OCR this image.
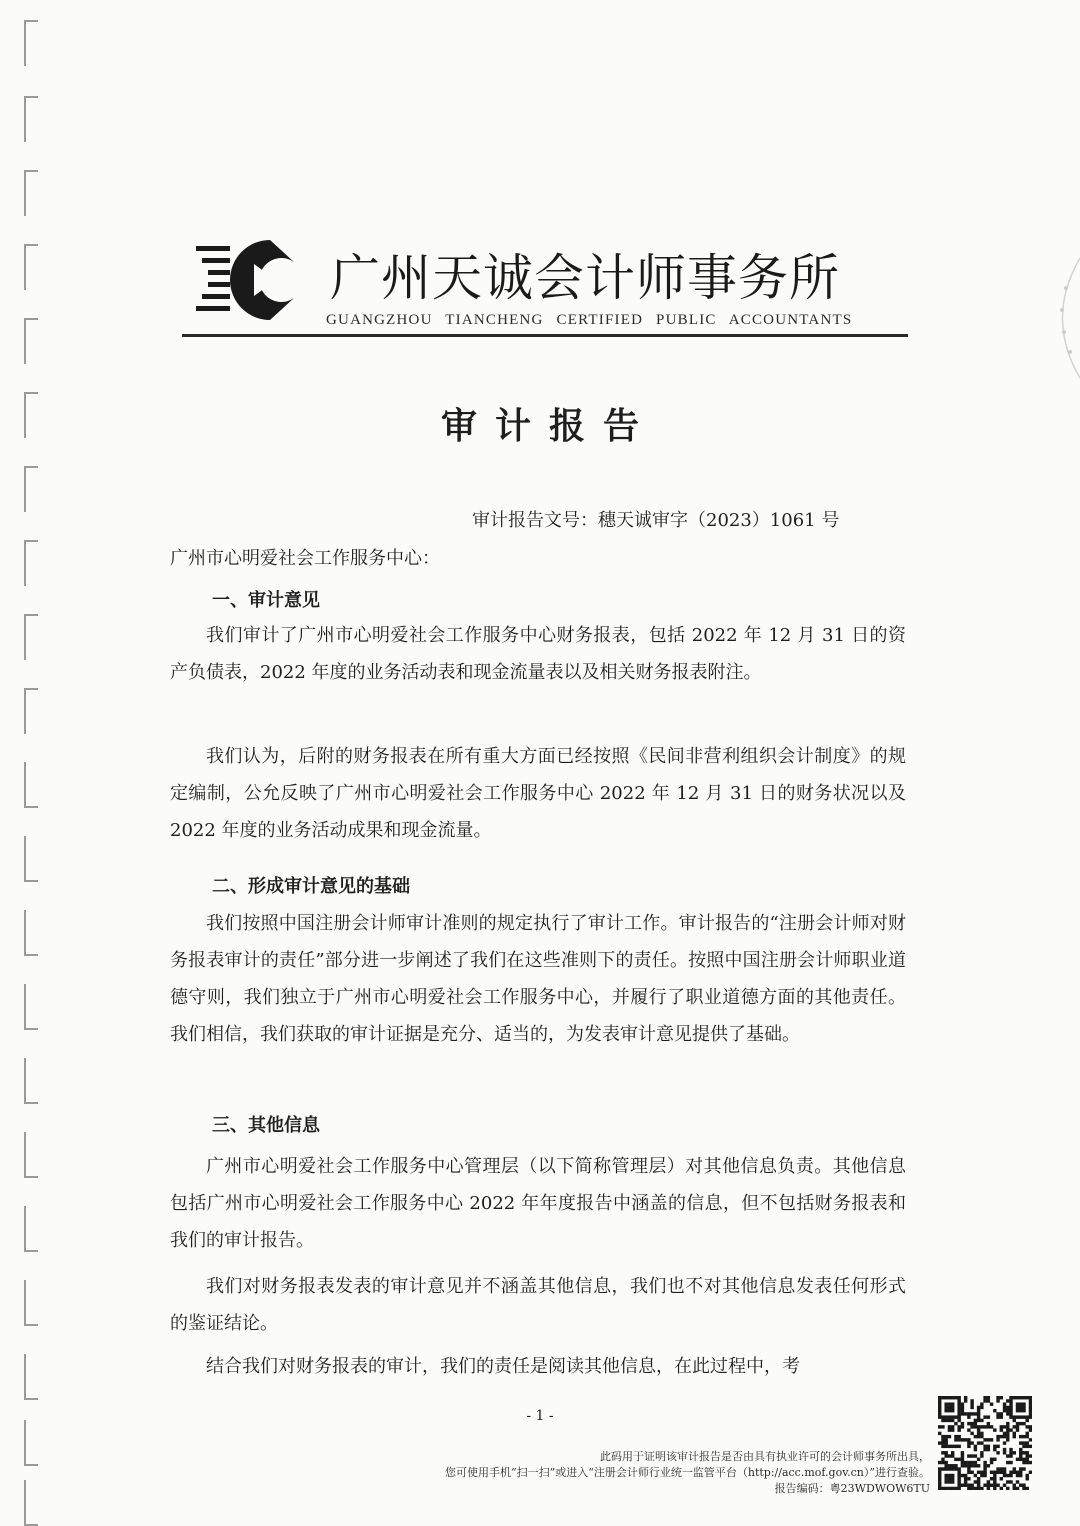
广州天诚会计师事务所
GUANGZHOU TIANCHENG CERTIFIED PUBLIC ACCOUNTANTS
审计报告
审计报告文号：穗天诚审字（2023）1061 号
广州市心明爱社会工作服务中心：
一、审计意见

我们审计了广州市心明爱社会工作服务中心财务报表，包括 2022 年 12 月 31 日的资产负债表，2022 年度的业务活动表和现金流量表以及相关财务报表附注。

我们认为，后附的财务报表在所有重大方面已经按照《民间非营利组织会计制度》的规定编制，公允反映了广州市心明爱社会工作服务中心 2022 年 12 月 31 日的财务状况以及 2022 年度的业务活动成果和现金流量。

二、形成审计意见的基础

我们按照中国注册会计师审计准则的规定执行了审计工作。审计报告的“注册会计师对财务报表审计的责任”部分进一步阐述了我们在这些准则下的责任。按照中国注册会计师职业道德守则，我们独立于广州市心明爱社会工作服务中心，并履行了职业道德方面的其他责任。我们相信，我们获取的审计证据是充分、适当的，为发表审计意见提供了基础。

三、其他信息

广州市心明爱社会工作服务中心管理层（以下简称管理层）对其他信息负责。其他信息包括广州市心明爱社会工作服务中心 2022 年年度报告中涵盖的信息，但不包括财务报表和我们的审计报告。

我们对财务报表发表的审计意见并不涵盖其他信息，我们也不对其他信息发表任何形式的鉴证结论。

结合我们对财务报表的审计，我们的责任是阅读其他信息，在此过程中，考

- 1 -
此码用于证明该审计报告是否由具有执业许可的会计师事务所出具，
您可使用手机“扫一扫”或进入“注册会计师行业统一监管平台（http://acc.mof.gov.cn）”进行查验。
报告编码：粤23WDWOW6TU
